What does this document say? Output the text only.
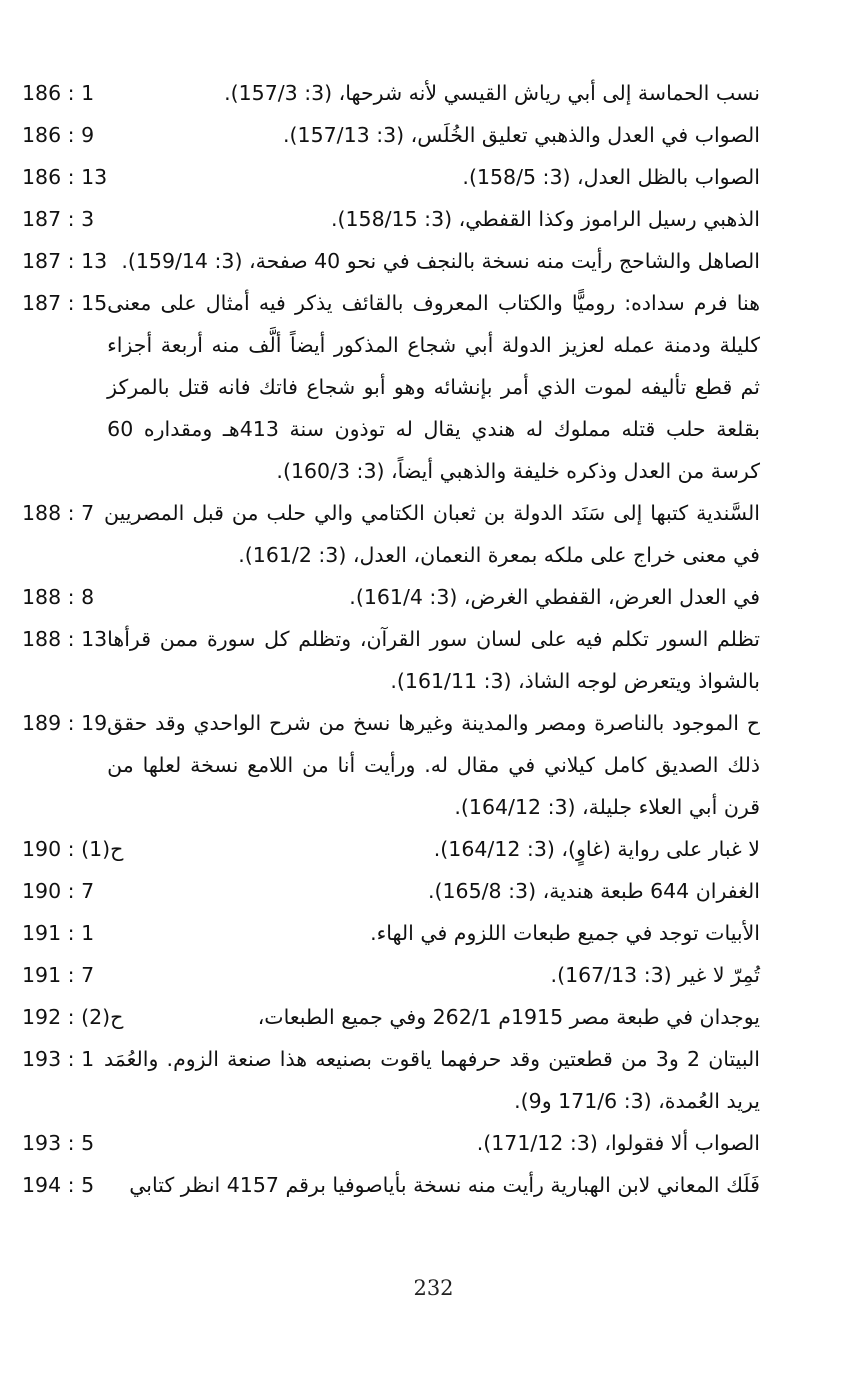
186 : 1	نسب الحماسة إلى أبي رياش القيسي لأنه شرحها، (3: 157/3).
186 : 9	الصواب في العدل والذهبي تعليق الخُلَس، (3: 157/13).
186 : 13	الصواب بالظل العدل، (3: 158/5).
187 : 3	الذهبي رسيل الراموز وكذا القفطي، (3: 158/15).
187 : 13 الصاهل والشاحج رأيت منه نسخة بالنجف في نحو 40 صفحة، (3: 159/14).
187 : 15 هنا فرم سداده: روميًّا والكتاب المعروف بالقائف يذكر فيه أمثال على معنى كليلة ودمنة عمله لعزيز الدولة أبي شجاع المذكور أيضاً ألَّف منه أربعة أجزاء ثم قطع تأليفه لموت الذي أمر بإنشائه وهو أبو شجاع فاتك فانه قتل بالمركز بقلعة حلب قتله مملوك له هندي يقال له توذون سنة 413هـ ومقداره 60 كرسة من العدل وذكره خليفة والذهبي أيضاً، (3: 160/3).
188 : 7 السَّندية كتبها إلى سَنَد الدولة بن ثعبان الكتامي والي حلب من قبل المصريين في معنى خراج على ملكه بمعرة النعمان، العدل، (3: 161/2).
188 : 8	في العدل العرض، القفطي الغرض، (3: 161/4).
188 : 13 تظلم السور تكلم فيه على لسان سور القرآن، وتظلم كل سورة ممن قرأها بالشواذ ويتعرض لوجه الشاذ، (3: 161/11).
189 : 19 ح الموجود بالناصرة ومصر والمدينة وغيرها نسخ من شرح الواحدي وقد حقق ذلك الصديق كامل كيلاني في مقال له. ورأيت أنا من اللامع نسخة لعلها من قرن أبي العلاء جليلة، (3: 164/12).
190 : ح(1)	لا غبار على رواية (غاوٍ)، (3: 164/12).
190 : 7	الغفران 644 طبعة هندية، (3: 165/8).
191 : 1	الأبيات توجد في جميع طبعات اللزوم في الهاء.
191 : 7	تُمِرّ لا غير (3: 167/13).
192 : ح(2)	يوجدان في طبعة مصر 1915م 262/1 وفي جميع الطبعات،
193 : 1 البيتان 2 و3 من قطعتين وقد حرفهما ياقوت بصنيعه هذا صنعة الزوم. والعُمَد يريد العُمدة، (3: 171/6 و9).
193 : 5	الصواب ألا فقولوا، (3: 171/12).
194 : 5	فَلَك المعاني لابن الهبارية رأيت منه نسخة بأياصوفيا برقم 4157 انظر كتابي
232
